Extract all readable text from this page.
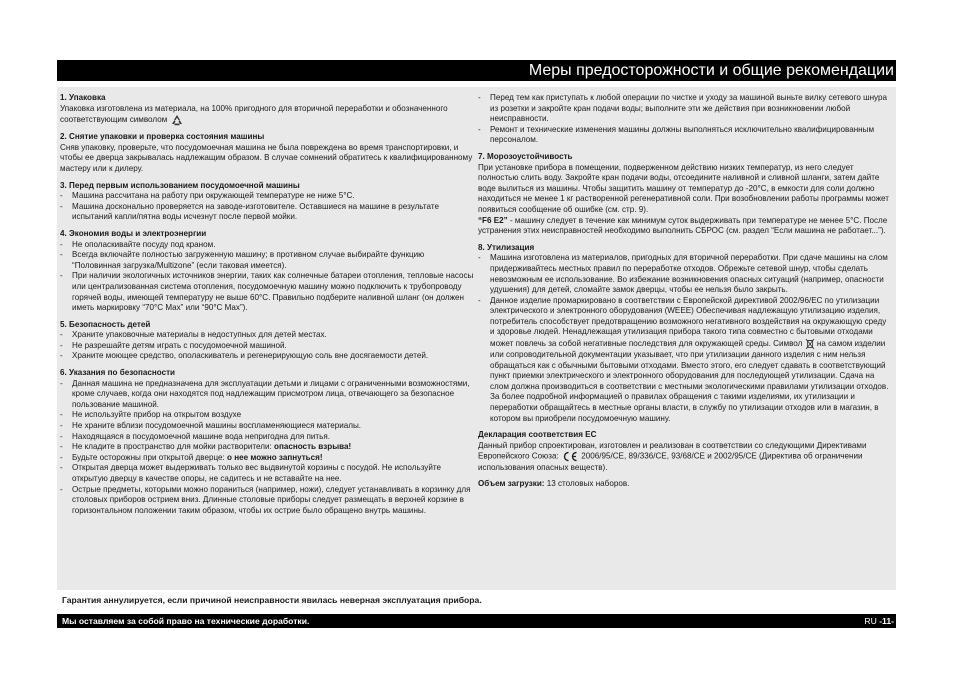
Меры предосторожности и общие рекомендации

1. Упаковка

Упаковка изготовлена из материала, на 100% пригодного для вторичной переработки и обозначенного соответствующим символом

2. Снятие упаковки и проверка состояния машины

Сняв упаковку, проверьте, что посудомоечная машина не была повреждена во время транспортировки, и чтобы ее дверца закрывалась надлежащим образом. В случае сомнений обратитесь к квалифицированному мастеру или к дилеру.

3. Перед первым использованием посудомоечной машины

-	Машина рассчитана на работу при окружающей температуре не ниже 5°С.
-	Машина досконально проверяется на заводе-изготовителе. Оставшиеся на машине в результате испытаний капли/пятна воды исчезнут после первой мойки.

4. Экономия воды и электроэнергии

-	Не ополаскивайте посуду под краном.
-	Всегда включайте полностью загруженную машину; в противном случае выбирайте функцию “Половинная загрузка/Multizone” (если таковая имеется).
-	При наличии экологичных источников энергии, таких как солнечные батареи отопления, тепловые насосы или централизованная система отопления, посудомоечную машину можно подключить к трубопроводу горячей воды, имеющей температуру не выше 60°С. Правильно подберите наливной шланг (он должен иметь маркировку “70°С Max” или “90°С Max”).

5. Безопасность детей

-	Храните упаковочные материалы в недоступных для детей местах.
-	Не разрешайте детям играть с посудомоечной машиной.
-	Храните моющее средство, ополаскиватель и регенерирующую соль вне досягаемости детей.

6. Указания по безопасности

-	Данная машина не предназначена для эксплуатации детьми и лицами с ограниченными возможностями, кроме случаев, когда они находятся под надлежащим присмотром лица, отвечающего за безопасное пользование машиной.
-	Не используйте прибор на открытом воздухе
-	Не храните вблизи посудомоечной машины воспламеняющиеся материалы.
-	Находящаяся в посудомоечной машине вода непригодна для питья.
-	Не кладите в пространство для мойки растворители: опасность взрыва!
-	Будьте осторожны при открытой дверце: о нее можно запнуться!
-	Открытая дверца может выдерживать только вес выдвинутой корзины с посудой. Не используйте открытую дверцу в качестве опоры, не садитесь и не вставайте на нее.
-	Острые предметы, которыми можно пораниться (например, ножи), следует устанавливать в корзинку для столовых приборов острием вниз. Длинные столовые приборы следует размещать в верхней корзине в горизонтальном положении таким образом, чтобы их острие было обращено внутрь машины.
-	Перед тем как приступать к любой операции по чистке и уходу за машиной выньте вилку сетевого шнура из розетки и закройте кран подачи воды; выполните эти же действия при возникновении любой неисправности.
-	Ремонт и технические изменения машины должны выполняться исключительно квалифицированным персоналом.

7. Морозоустойчивость

При установке прибора в помещении, подверженном действию низких температур, из него следует полностью слить воду. Закройте кран подачи воды, отсоедините наливной и сливной шланги, затем дайте воде вылиться из машины. Чтобы защитить машину от температур до -20°С, в емкости для соли должно находиться не менее 1 кг растворенной регенеративной соли. При возобновлении работы программы может появиться сообщение об ошибке (см. стр. 9).

“F6 E2” - машину следует в течение как минимум суток выдерживать при температуре не менее 5°С. После устранения этих неисправностей необходимо выполнить СБРОС (см. раздел “Если машина не работает...”).

8. Утилизация

-	Машина изготовлена из материалов, пригодных для вторичной переработки. При сдаче машины на слом придерживайтесь местных правил по переработке отходов. Обрежьте сетевой шнур, чтобы сделать невозможным ее использование. Во избежание возникновения опасных ситуаций (например, опасности удушения) для детей, сломайте замок дверцы, чтобы ее нельзя было закрыть.
-	Данное изделие промаркировано в соответствии с Европейской директивой 2002/96/EC по утилизации электрического и электронного оборудования (WEEE) Обеспечивая надлежащую утилизацию изделия, потребитель способствует предотвращению возможного негативного воздействия на окружающую среду и здоровье людей. Ненадлежащая утилизация прибора такого типа совместно с бытовыми отходами может повлечь за собой негативные последствия для окружающей среды. Символ на самом изделии или сопроводительной документации указывает, что при утилизации данного изделия с ним нельзя обращаться как с обычными бытовыми отходами. Вместо этого, его следует сдавать в соответствующий пункт приемки электрического и электронного оборудования для последующей утилизации. Сдача на слом должна производиться в соответствии с местными экологическими правилами утилизации отходов. За более подробной информацией о правилах обращения с такими изделиями, их утилизации и переработки обращайтесь в местные органы власти, в службу по утилизации отходов или в магазин, в котором вы приобрели посудомоечную машину.

Декларация соответствия ЕС

Данный прибор спроектирован, изготовлен и реализован в соответствии со следующими Директивами Европейского Союза:	2006/95/CE, 89/336/CE, 93/68/CE и 2002/95/CE (Директива об ограничении использования опасных веществ).

Объем загрузки: 13 столовых наборов.

Гарантия аннулируется, если причиной неисправности явилась неверная эксплуатация прибора.
Мы оставляем за собой право на технические доработки.	RU -11-
